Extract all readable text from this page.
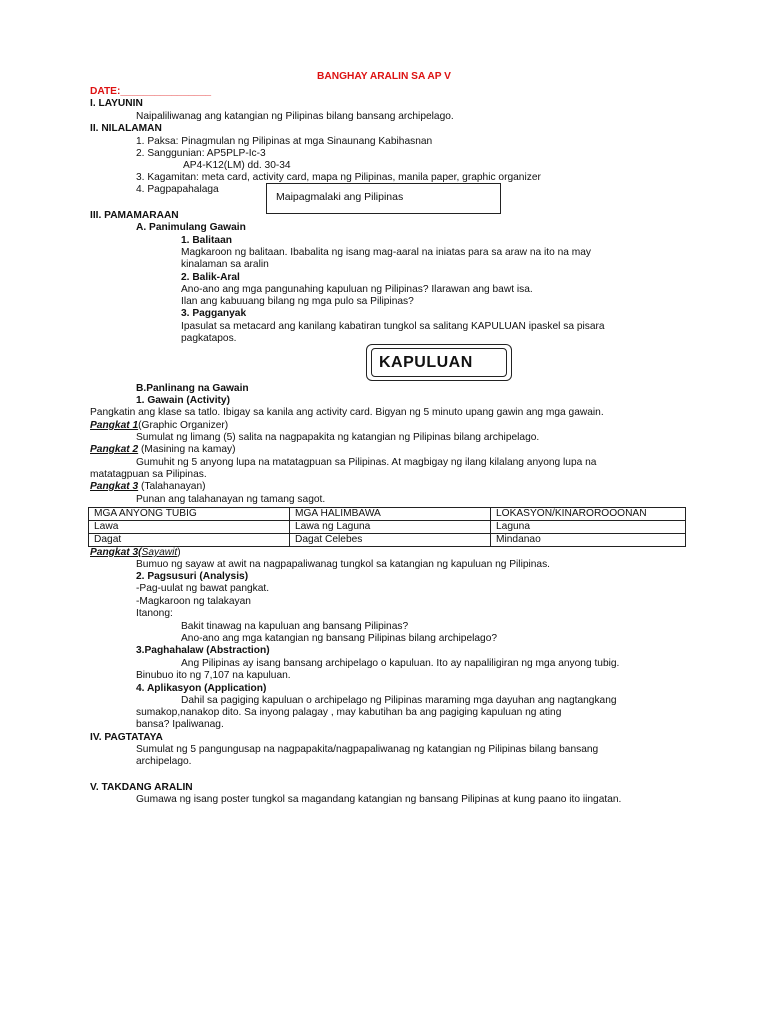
BANGHAY ARALIN SA AP V
DATE:________________
I. LAYUNIN
Naipaliliwanag ang katangian ng Pilipinas bilang bansang archipelago.
II. NILALAMAN
1. Paksa: Pinagmulan ng Pilipinas at mga Sinaunang Kabihasnan
2. Sanggunian: AP5PLP-Ic-3
AP4-K12(LM) dd. 30-34
3. Kagamitan: meta card, activity card, mapa ng Pilipinas, manila paper, graphic organizer
4. Pagpapahalaga
Maipagmalaki ang Pilipinas
III. PAMAMARAAN
A. Panimulang Gawain
1. Balitaan
Magkaroon ng balitaan. Ibabalita ng isang mag-aaral na iniatas para sa araw na ito na may
kinalaman sa aralin
2. Balik-Aral
Ano-ano ang mga pangunahing kapuluan ng Pilipinas? Ilarawan ang bawt isa.
Ilan ang kabuuang bilang ng mga pulo sa Pilipinas?
3. Pagganyak
Ipasulat sa metacard ang kanilang kabatiran tungkol sa salitang KAPULUAN ipaskel sa pisara
pagkatapos.
KAPULUAN
B.Panlinang na Gawain
1. Gawain (Activity)
Pangkatin ang klase sa tatlo. Ibigay sa kanila ang activity card. Bigyan ng 5 minuto upang gawin ang mga gawain.
Pangkat 1(Graphic Organizer)
Sumulat ng limang (5) salita na nagpapakita ng katangian ng Pilipinas bilang archipelago.
Pangkat 2 (Masining na kamay)
Gumuhit ng 5 anyong lupa na matatagpuan sa Pilipinas. At magbigay ng ilang kilalang anyong lupa na
matatagpuan sa Pilipinas.
Pangkat 3 (Talahanayan)
Punan ang talahanayan ng tamang sagot.
MGA ANYONG TUBIG	MGA HALIMBAWA	LOKASYON/KINAROROOONAN
Lawa	Lawa ng Laguna	Laguna
Dagat	Dagat Celebes	Mindanao
Pangkat 3(Sayawit)
Bumuo ng sayaw at awit na nagpapaliwanag tungkol sa katangian ng kapuluan ng Pilipinas.
2. Pagsusuri (Analysis)
-Pag-uulat ng bawat pangkat.
-Magkaroon ng talakayan
Itanong:
Bakit tinawag na kapuluan ang bansang Pilipinas?
Ano-ano ang mga katangian ng bansang Pilipinas bilang archipelago?
3.Paghahalaw (Abstraction)
Ang Pilipinas ay isang bansang archipelago o kapuluan. Ito ay napaliligiran ng mga anyong tubig.
Binubuo ito ng 7,107 na kapuluan.
4. Aplikasyon (Application)
Dahil sa pagiging kapuluan o archipelago ng Pilipinas maraming mga dayuhan ang nagtangkang
sumakop,nanakop dito. Sa inyong palagay , may kabutihan ba ang pagiging kapuluan ng ating
bansa? Ipaliwanag.
IV. PAGTATAYA
Sumulat ng 5 pangungusap na nagpapakita/nagpapaliwanag ng katangian ng Pilipinas bilang bansang
archipelago.
V. TAKDANG ARALIN
Gumawa ng isang poster tungkol sa magandang katangian ng bansang Pilipinas at kung paano ito iingatan.
